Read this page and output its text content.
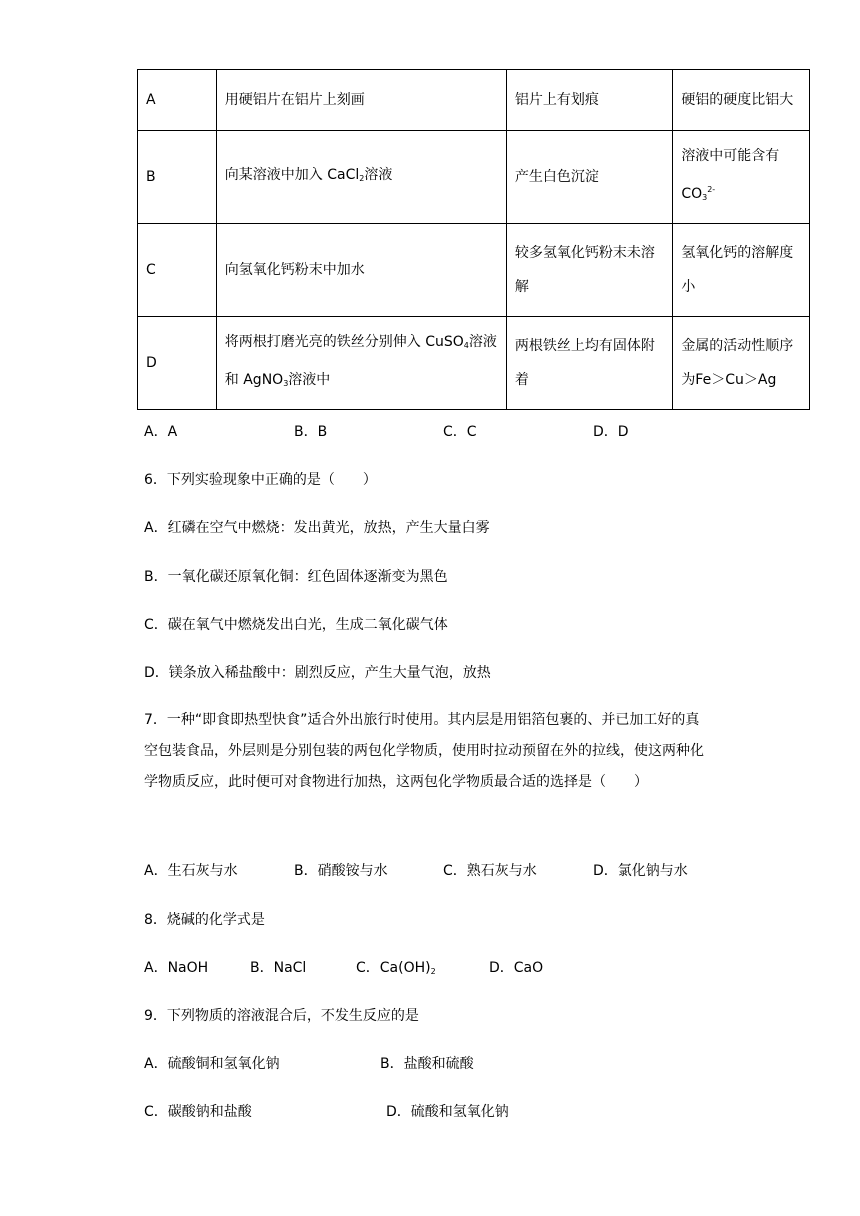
A	用硬铝片在铝片上刻画	铝片上有划痕	硬铝的硬度比铝大
B	向某溶液中加入 CaCl$_2$溶液	产生白色沉淀	溶液中可能含有
$CO_3^{2-}$
C	向氢氧化钙粉末中加水	较多氢氧化钙粉末未溶解	氢氧化钙的溶解度小
D	将两根打磨光亮的铁丝分别伸入 CuSO$_4$溶液和 AgNO$_3$溶液中	两根铁丝上均有固体附着	金属的活动性顺序为Fe＞Cu＞Ag
A．A	B．B	C．C	D．D
6．下列实验现象中正确的是（　　）
A．红磷在空气中燃烧：发出黄光，放热，产生大量白雾
B．一氧化碳还原氧化铜：红色固体逐渐变为黑色
C．碳在氧气中燃烧发出白光，生成二氧化碳气体
D．镁条放入稀盐酸中：剧烈反应，产生大量气泡，放热
7．一种“即食即热型快食”适合外出旅行时使用。其内层是用铝箔包裹的、并已加工好的真空包装食品，外层则是分别包装的两包化学物质，使用时拉动预留在外的拉线，使这两种化学物质反应，此时便可对食物进行加热，这两包化学物质最合适的选择是（　　）
A．生石灰与水	B．硝酸铵与水	C．熟石灰与水	D．氯化钠与水
8．烧碱的化学式是
A．NaOH	B．NaCl	C．$Ca(OH)_2$	D．CaO
9．下列物质的溶液混合后，不发生反应的是
A．硫酸铜和氢氧化钠	B．盐酸和硫酸
C．碳酸钠和盐酸	D．硫酸和氢氧化钠
